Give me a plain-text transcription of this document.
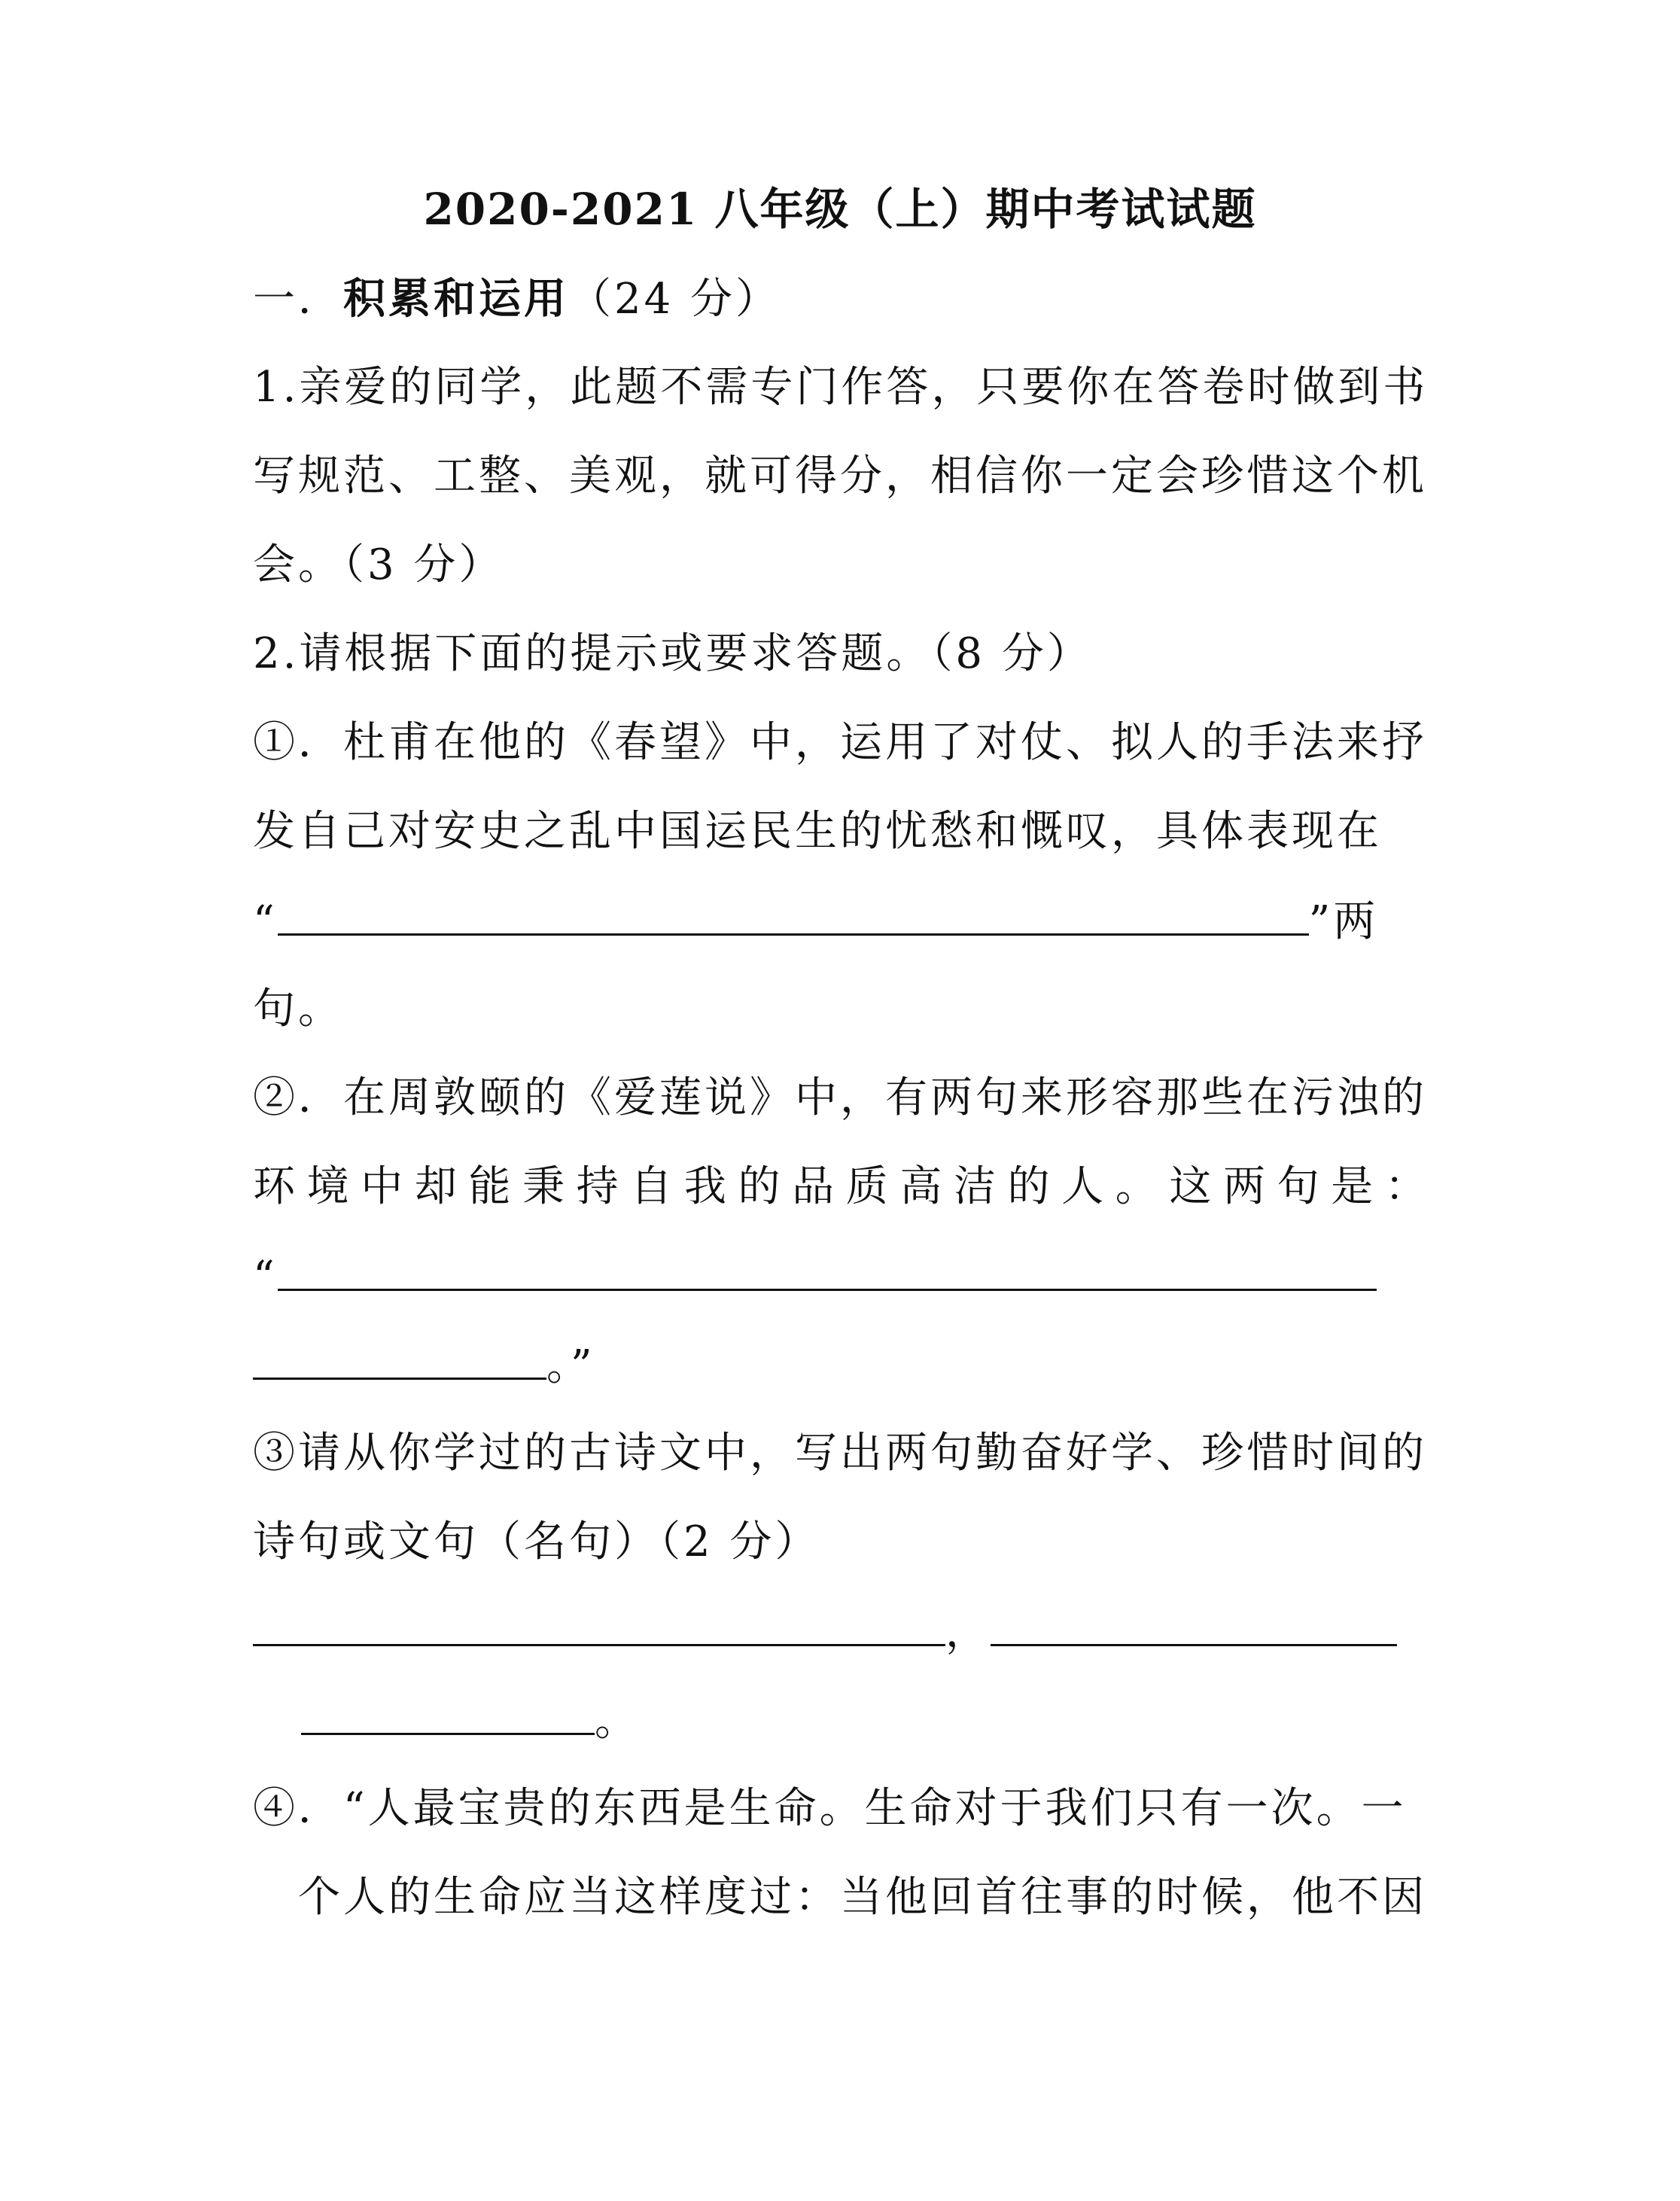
2020-2021 八年级（上）期中考试试题
一．积累和运用（24 分）
1.亲爱的同学，此题不需专门作答，只要你在答卷时做到书
写规范、工整、美观，就可得分，相信你一定会珍惜这个机
会。（3 分）
2.请根据下面的提示或要求答题。（8 分）
①．杜甫在他的《春望》中，运用了对仗、拟人的手法来抒
发自己对安史之乱中国运民生的忧愁和慨叹，具体表现在
“	”两
句。
②．在周敦颐的《爱莲说》中，有两句来形容那些在污浊的
环 境 中 却 能 秉 持 自 我 的 品 质 高 洁 的 人 。 这 两 句 是 ：
“
。”
③请从你学过的古诗文中，写出两句勤奋好学、珍惜时间的
诗句或文句（名句）（2 分）
，
。
④．“人最宝贵的东西是生命。生命对于我们只有一次。一
个人的生命应当这样度过：当他回首往事的时候，他不因
